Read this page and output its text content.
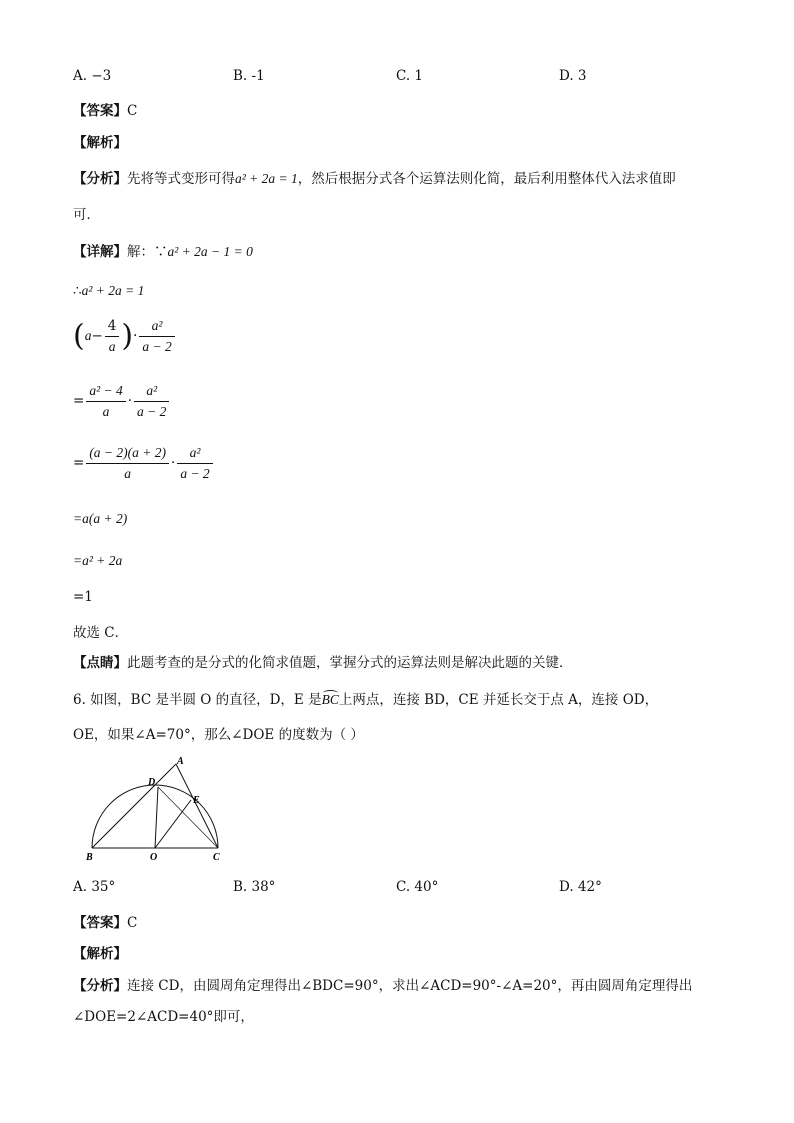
A. −3	B. -1	C. 1	D. 3
【答案】C
【解析】
【分析】先将等式变形可得a² + 2a = 1，然后根据分式各个运算法则化简，最后利用整体代入法求值即
可．
【详解】解：∵a² + 2a − 1 = 0
∴a² + 2a = 1
($a- \frac{4}{a}$ )· $\frac{\text{a²}}{a - 2}$
= $\frac{\text{a² − 4}}{a} \cdot \frac{\text{a²}}{a - 2}$
= $\frac{(a - 2)(a + 2)}{a} \cdot \frac{\text{a²}}{a - 2}$
=a(a + 2)
=a² + 2a
=1
故选 C．
【点睛】此题考查的是分式的化简求值题，掌握分式的运算法则是解决此题的关键．
6. 如图，BC 是半圆 O 的直径，D，E 是BC上两点，连接 BD，CE 并延长交于点 A，连接 OD，
OE，如果∠A=70°，那么∠DOE 的度数为（ ）
A
D
E
B	O	C
A. 35°	B. 38°	C. 40°	D. 42°
【答案】C
【解析】
【分析】连接 CD，由圆周角定理得出∠BDC=90°，求出∠ACD=90°-∠A=20°，再由圆周角定理得出
∠DOE=2∠ACD=40°即可，
